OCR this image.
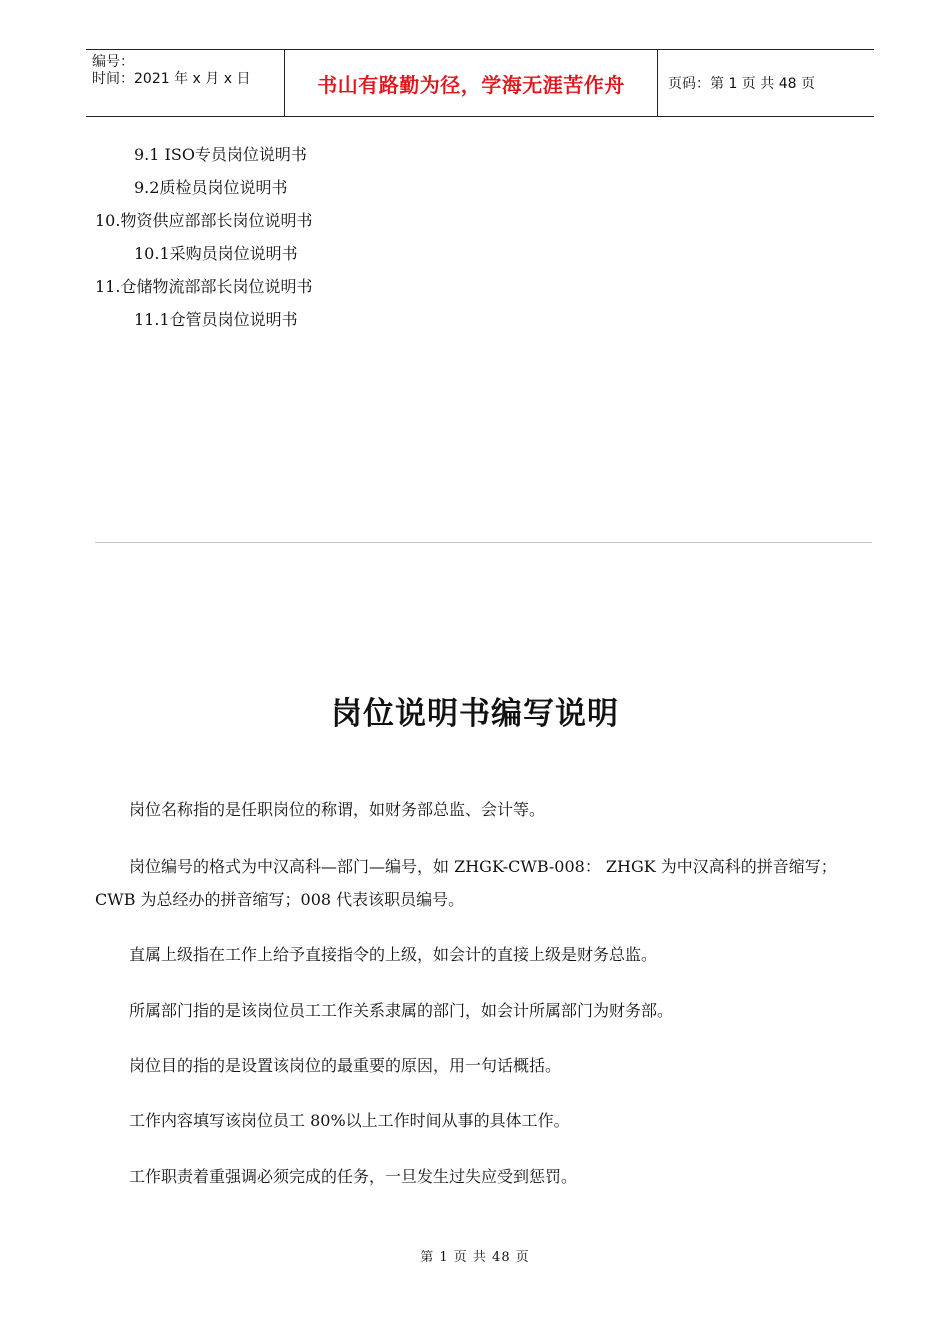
编号：
时间：2021 年 x 月 x 日	书山有路勤为径，学海无涯苦作舟	页码：第 1 页 共 48 页
9.1 ISO专员岗位说明书
9.2质检员岗位说明书
10.物资供应部部长岗位说明书
10.1采购员岗位说明书
11.仓储物流部部长岗位说明书
11.1仓管员岗位说明书
岗位说明书编写说明
岗位名称指的是任职岗位的称谓，如财务部总监、会计等。
岗位编号的格式为中汉高科—部门—编号，如 ZHGK-CWB-008： ZHGK 为中汉高科的拼音缩写；CWB 为总经办的拼音缩写；008 代表该职员编号。
直属上级指在工作上给予直接指令的上级，如会计的直接上级是财务总监。
所属部门指的是该岗位员工工作关系隶属的部门，如会计所属部门为财务部。
岗位目的指的是设置该岗位的最重要的原因，用一句话概括。
工作内容填写该岗位员工 80%以上工作时间从事的具体工作。
工作职责着重强调必须完成的任务，一旦发生过失应受到惩罚。
第 1 页 共 48 页
